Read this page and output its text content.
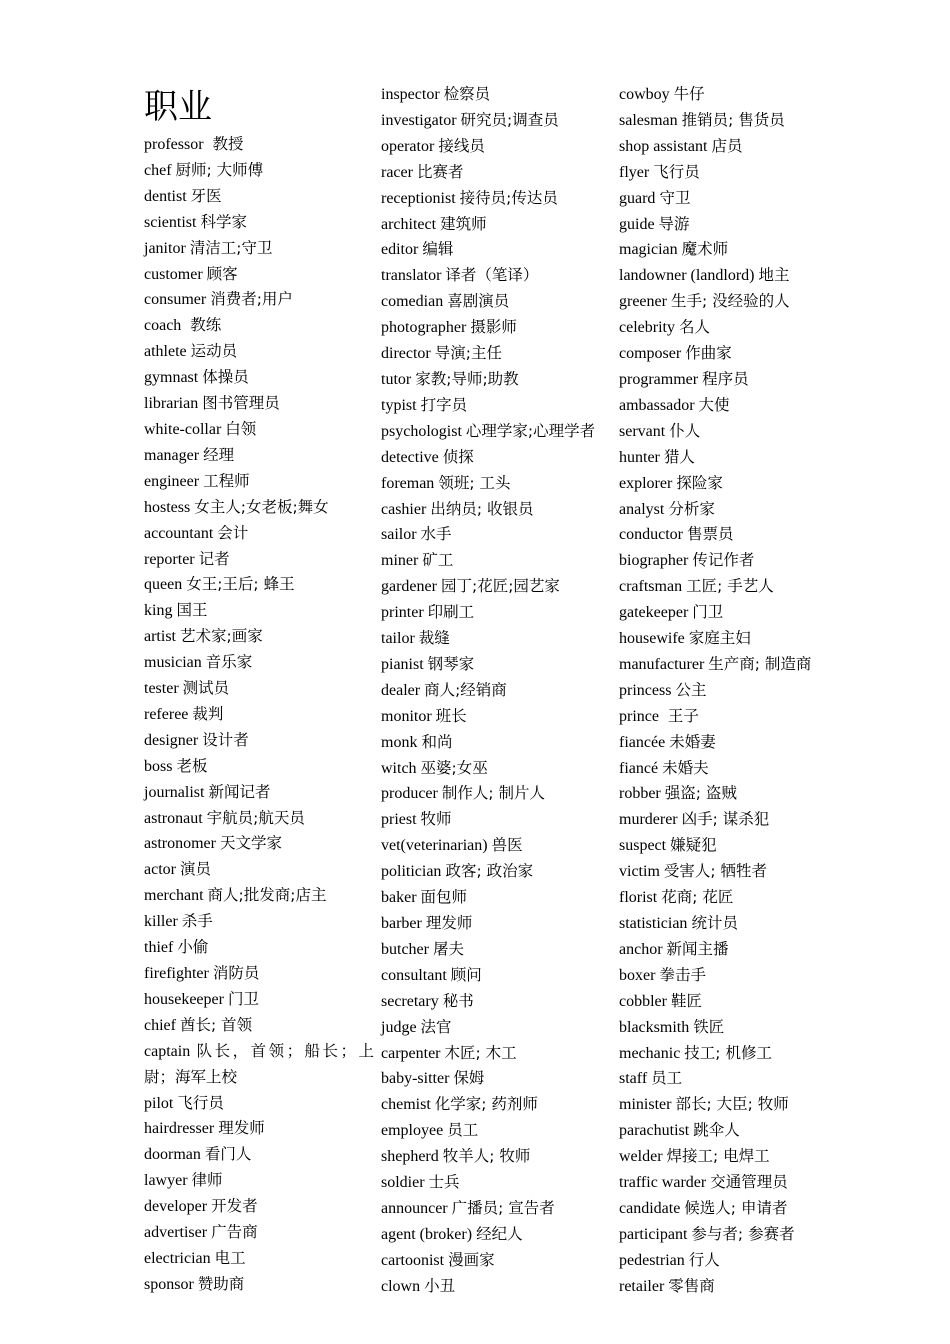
职业
professor 教授
chef 厨师; 大师傅
dentist 牙医
scientist 科学家
janitor 清洁工;守卫
customer 顾客
consumer 消费者;用户
coach 教练
athlete 运动员
gymnast 体操员
librarian 图书管理员
white-collar 白领
manager 经理
engineer 工程师
hostess 女主人;女老板;舞女
accountant 会计
reporter 记者
queen 女王;王后; 蜂王
king 国王
artist 艺术家;画家
musician 音乐家
tester 测试员
referee 裁判
designer 设计者
boss 老板
journalist 新闻记者
astronaut 宇航员;航天员
astronomer 天文学家
actor 演员
merchant 商人;批发商;店主
killer 杀手
thief 小偷
firefighter 消防员
housekeeper 门卫
chief 酋长; 首领
captain 队长，首领；船长；上尉；海军上校
pilot 飞行员
hairdresser 理发师
doorman 看门人
lawyer 律师
developer 开发者
advertiser 广告商
electrician 电工
sponsor 赞助商
inspector 检察员
investigator 研究员;调查员
operator 接线员
racer 比赛者
receptionist 接待员;传达员
architect 建筑师
editor 编辑
translator 译者（笔译）
comedian 喜剧演员
photographer 摄影师
director 导演;主任
tutor 家教;导师;助教
typist 打字员
psychologist 心理学家;心理学者
detective 侦探
foreman 领班; 工头
cashier 出纳员; 收银员
sailor 水手
miner 矿工
gardener 园丁;花匠;园艺家
printer 印刷工
tailor 裁缝
pianist 钢琴家
dealer 商人;经销商
monitor 班长
monk 和尚
witch 巫婆;女巫
producer 制作人; 制片人
priest 牧师
vet(veterinarian) 兽医
politician 政客; 政治家
baker 面包师
barber 理发师
butcher 屠夫
consultant 顾问
secretary 秘书
judge 法官
carpenter 木匠; 木工
baby-sitter 保姆
chemist 化学家; 药剂师
employee 员工
shepherd 牧羊人; 牧师
soldier 士兵
announcer 广播员; 宣告者
agent (broker) 经纪人
cartoonist 漫画家
clown 小丑
cowboy 牛仔
salesman 推销员; 售货员
shop assistant 店员
flyer 飞行员
guard 守卫
guide 导游
magician 魔术师
landowner (landlord) 地主
greener 生手; 没经验的人
celebrity 名人
composer 作曲家
programmer 程序员
ambassador 大使
servant 仆人
hunter 猎人
explorer 探险家
analyst 分析家
conductor 售票员
biographer 传记作者
craftsman 工匠; 手艺人
gatekeeper 门卫
housewife 家庭主妇
manufacturer 生产商; 制造商
princess 公主
prince 王子
fiancée 未婚妻
fiancé 未婚夫
robber 强盗; 盗贼
murderer 凶手; 谋杀犯
suspect 嫌疑犯
victim 受害人; 牺牲者
florist 花商; 花匠
statistician 统计员
anchor 新闻主播
boxer 拳击手
cobbler 鞋匠
blacksmith 铁匠
mechanic 技工; 机修工
staff 员工
minister 部长; 大臣; 牧师
parachutist 跳伞人
welder 焊接工; 电焊工
traffic warder 交通管理员
candidate 候选人; 申请者
participant 参与者; 参赛者
pedestrian 行人
retailer 零售商
